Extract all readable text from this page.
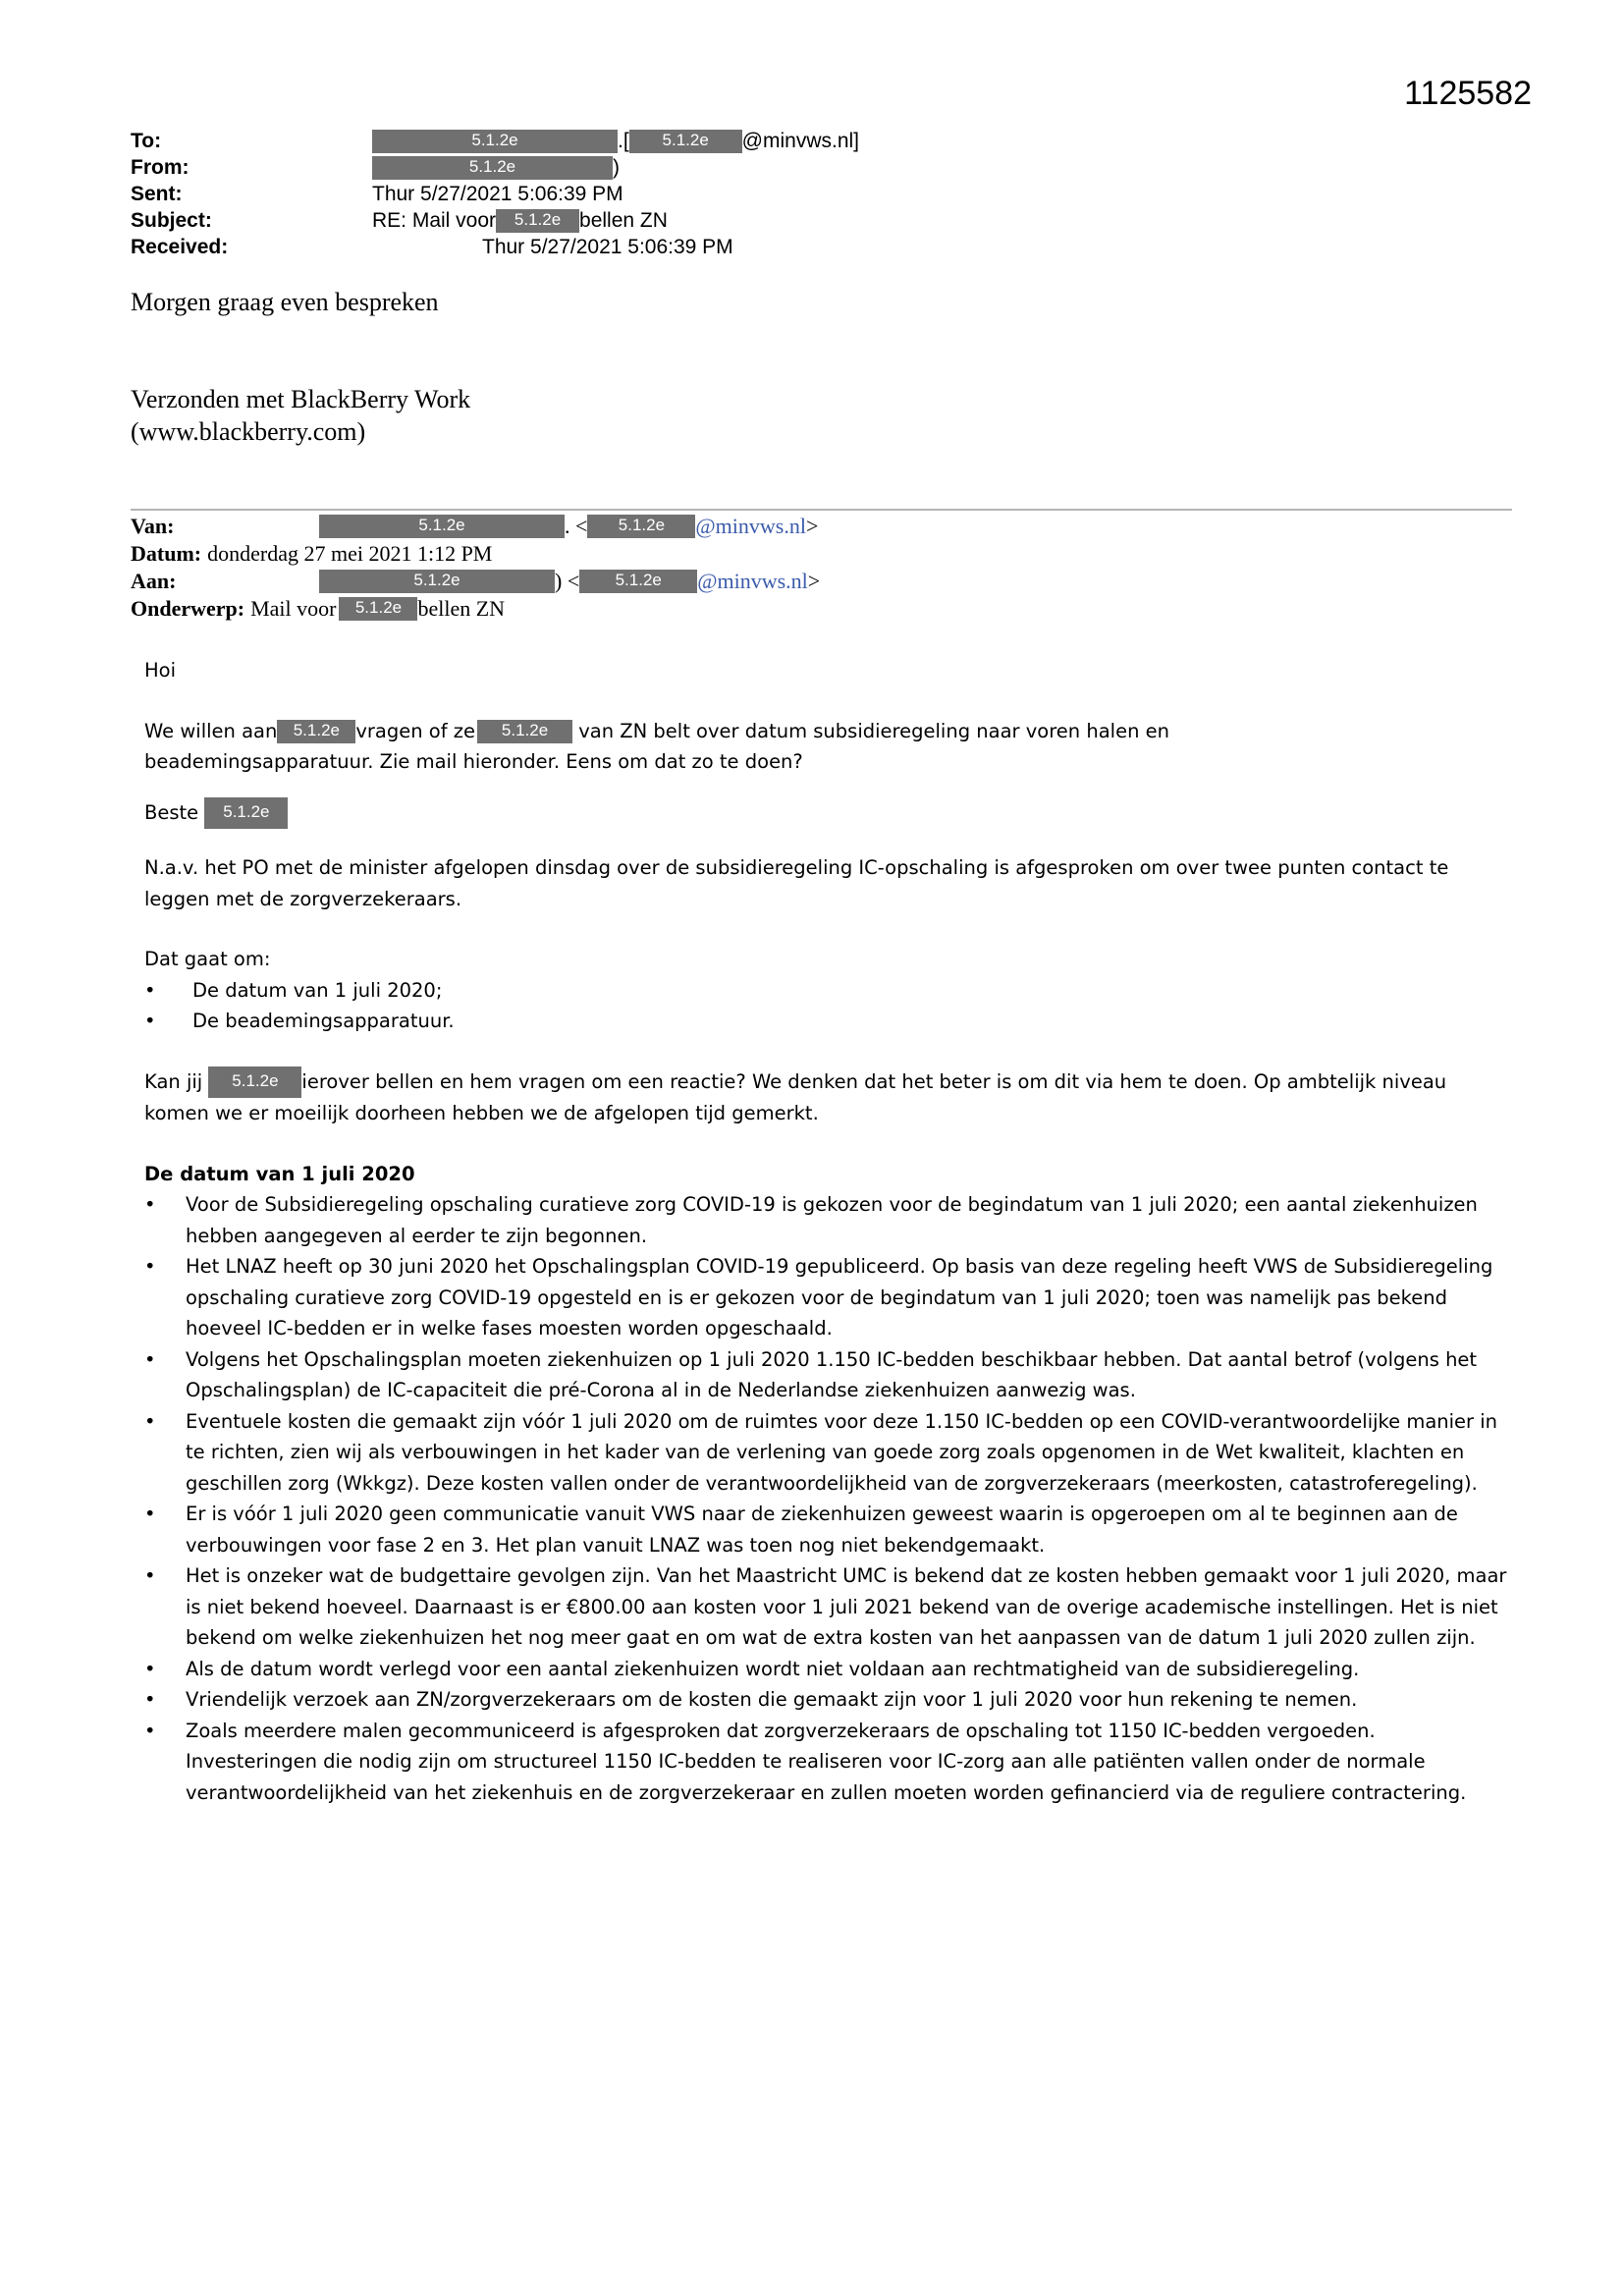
1125582
To:	5.1.2e	.[	5.1.2e	@minvws.nl]
From:	5.1.2e	)
Sent:	Thur 5/27/2021 5:06:39 PM
Subject:	RE: Mail voor	5.1.2e bellen ZN
Received:	Thur 5/27/2021 5:06:39 PM
Morgen graag even bespreken
Verzonden met BlackBerry Work
(www.blackberry.com)
Van:	5.1.2e	. <	5.1.2e	@minvws.nl >
Datum: donderdag 27 mei 2021 1:12 PM
Aan:	5.1.2e	) <	5.1.2e	@minvws.nl >
Onderwerp: Mail voor	5.1.2e bellen ZN

Hoi

We willen aan 5.1.2e vragen of ze 5.1.2e van ZN belt over datum subsidieregeling naar voren halen en
beademingsapparatuur. Zie mail hieronder. Eens om dat zo te doen?

Beste 5.1.2e

N.a.v. het PO met de minister afgelopen dinsdag over de subsidieregeling IC-opschaling is afgesproken om over twee punten contact te leggen met de zorgverzekeraars.

Dat gaat om:

• De datum van 1 juli 2020;
• De beademingsapparatuur.

Kan jij 5.1.2e ierover bellen en hem vragen om een reactie? We denken dat het beter is om dit via hem te doen. Op ambtelijk niveau komen we er moeilijk doorheen hebben we de afgelopen tijd gemerkt.

De datum van 1 juli 2020

• Voor de Subsidieregeling opschaling curatieve zorg COVID-19 is gekozen voor de begindatum van 1 juli 2020; een aantal ziekenhuizen hebben aangegeven al eerder te zijn begonnen.
• Het LNAZ heeft op 30 juni 2020 het Opschalingsplan COVID-19 gepubliceerd. Op basis van deze regeling heeft VWS de Subsidieregeling opschaling curatieve zorg COVID-19 opgesteld en is er gekozen voor de begindatum van 1 juli 2020; toen was namelijk pas bekend hoeveel IC-bedden er in welke fases moesten worden opgeschaald.
• Volgens het Opschalingsplan moeten ziekenhuizen op 1 juli 2020 1.150 IC-bedden beschikbaar hebben. Dat aantal betrof (volgens het Opschalingsplan) de IC-capaciteit die pré-Corona al in de Nederlandse ziekenhuizen aanwezig was.
• Eventuele kosten die gemaakt zijn vóór 1 juli 2020 om de ruimtes voor deze 1.150 IC-bedden op een COVID-verantwoordelijke manier in te richten, zien wij als verbouwingen in het kader van de verlening van goede zorg zoals opgenomen in de Wet kwaliteit, klachten en geschillen zorg (Wkkgz). Deze kosten vallen onder de verantwoordelijkheid van de zorgverzekeraars (meerkosten, catastroferegeling).
• Er is vóór 1 juli 2020 geen communicatie vanuit VWS naar de ziekenhuizen geweest waarin is opgeroepen om al te beginnen aan de verbouwingen voor fase 2 en 3. Het plan vanuit LNAZ was toen nog niet bekendgemaakt.
• Het is onzeker wat de budgettaire gevolgen zijn. Van het Maastricht UMC is bekend dat ze kosten hebben gemaakt voor 1 juli 2020, maar is niet bekend hoeveel. Daarnaast is er €800.00 aan kosten voor 1 juli 2021 bekend van de overige academische instellingen. Het is niet bekend om welke ziekenhuizen het nog meer gaat en om wat de extra kosten van het aanpassen van de datum 1 juli 2020 zullen zijn.
• Als de datum wordt verlegd voor een aantal ziekenhuizen wordt niet voldaan aan rechtmatigheid van de subsidieregeling.
• Vriendelijk verzoek aan ZN/zorgverzekeraars om de kosten die gemaakt zijn voor 1 juli 2020 voor hun rekening te nemen.
• Zoals meerdere malen gecommuniceerd is afgesproken dat zorgverzekeraars de opschaling tot 1150 IC-bedden vergoeden. Investeringen die nodig zijn om structureel 1150 IC-bedden te realiseren voor IC-zorg aan alle patiënten vallen onder de normale verantwoordelijkheid van het ziekenhuis en de zorgverzekeraar en zullen moeten worden gefinancierd via de reguliere contractering.
